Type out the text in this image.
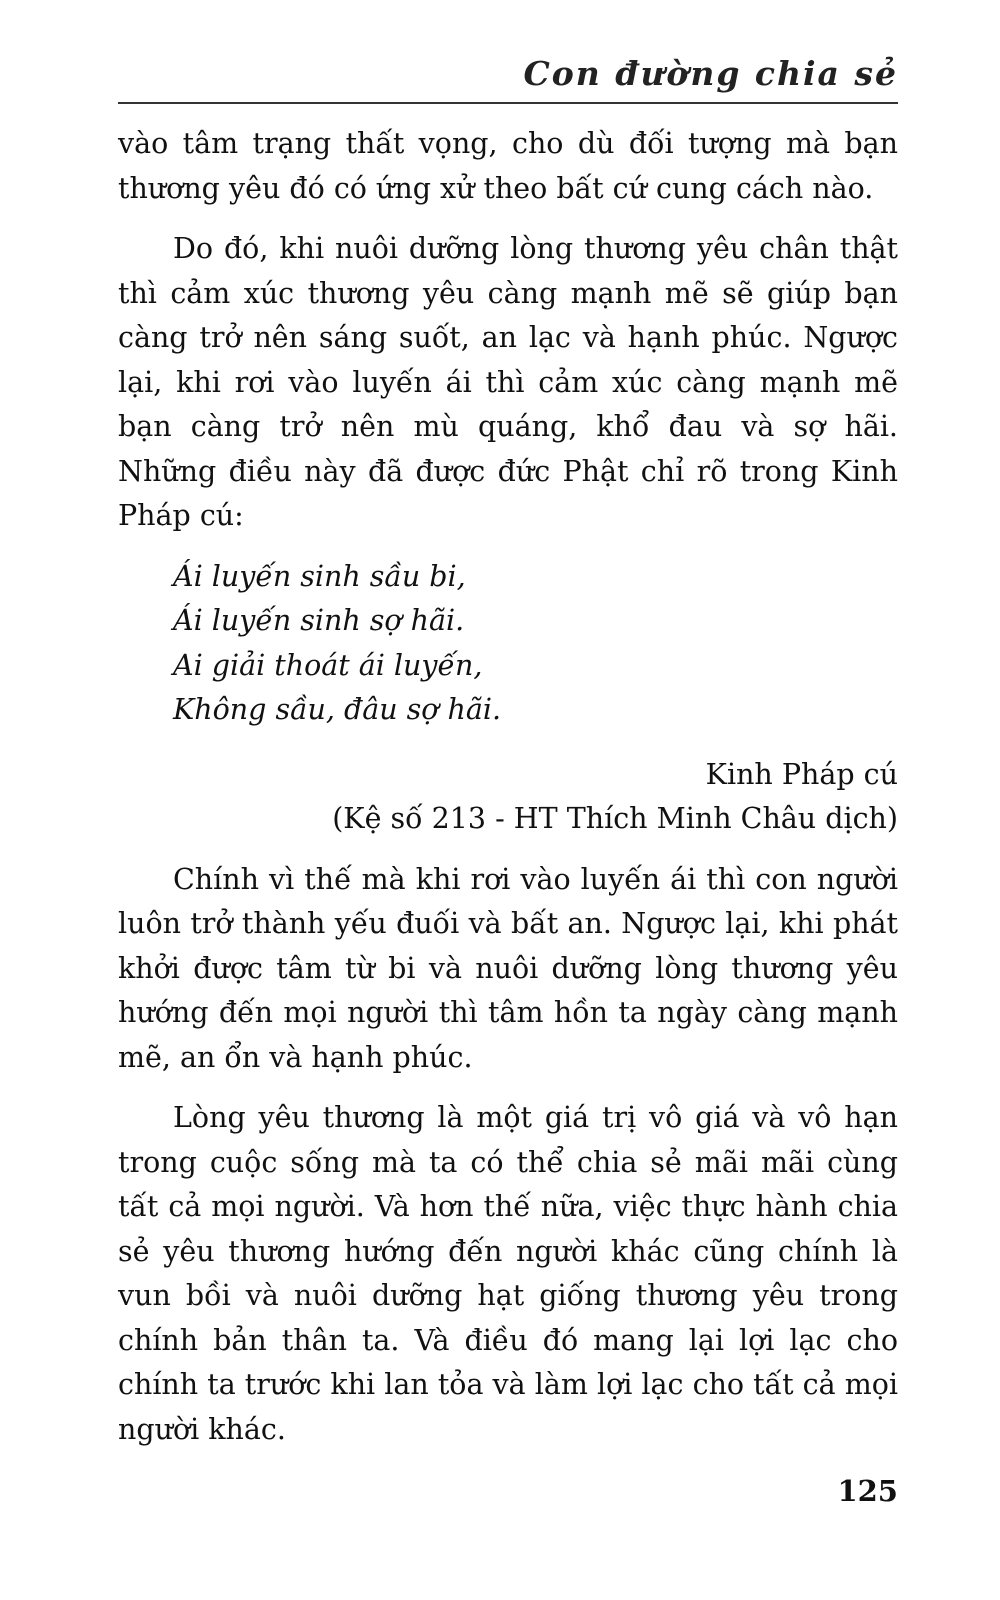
Con đường chia sẻ

vào tâm trạng thất vọng, cho dù đối tượng mà bạn thương yêu đó có ứng xử theo bất cứ cung cách nào.

Do đó, khi nuôi dưỡng lòng thương yêu chân thật thì cảm xúc thương yêu càng mạnh mẽ sẽ giúp bạn càng trở nên sáng suốt, an lạc và hạnh phúc. Ngược lại, khi rơi vào luyến ái thì cảm xúc càng mạnh mẽ bạn càng trở nên mù quáng, khổ đau và sợ hãi. Những điều này đã được đức Phật chỉ rõ trong Kinh Pháp cú:

Ái luyến sinh sầu bi,
Ái luyến sinh sợ hãi.
Ai giải thoát ái luyến,
Không sầu, đâu sợ hãi.
Kinh Pháp cú
(Kệ số 213 - HT Thích Minh Châu dịch)

Chính vì thế mà khi rơi vào luyến ái thì con người luôn trở thành yếu đuối và bất an. Ngược lại, khi phát khởi được tâm từ bi và nuôi dưỡng lòng thương yêu hướng đến mọi người thì tâm hồn ta ngày càng mạnh mẽ, an ổn và hạnh phúc.

Lòng yêu thương là một giá trị vô giá và vô hạn trong cuộc sống mà ta có thể chia sẻ mãi mãi cùng tất cả mọi người. Và hơn thế nữa, việc thực hành chia sẻ yêu thương hướng đến người khác cũng chính là vun bồi và nuôi dưỡng hạt giống thương yêu trong chính bản thân ta. Và điều đó mang lại lợi lạc cho chính ta trước khi lan tỏa và làm lợi lạc cho tất cả mọi người khác.

125
